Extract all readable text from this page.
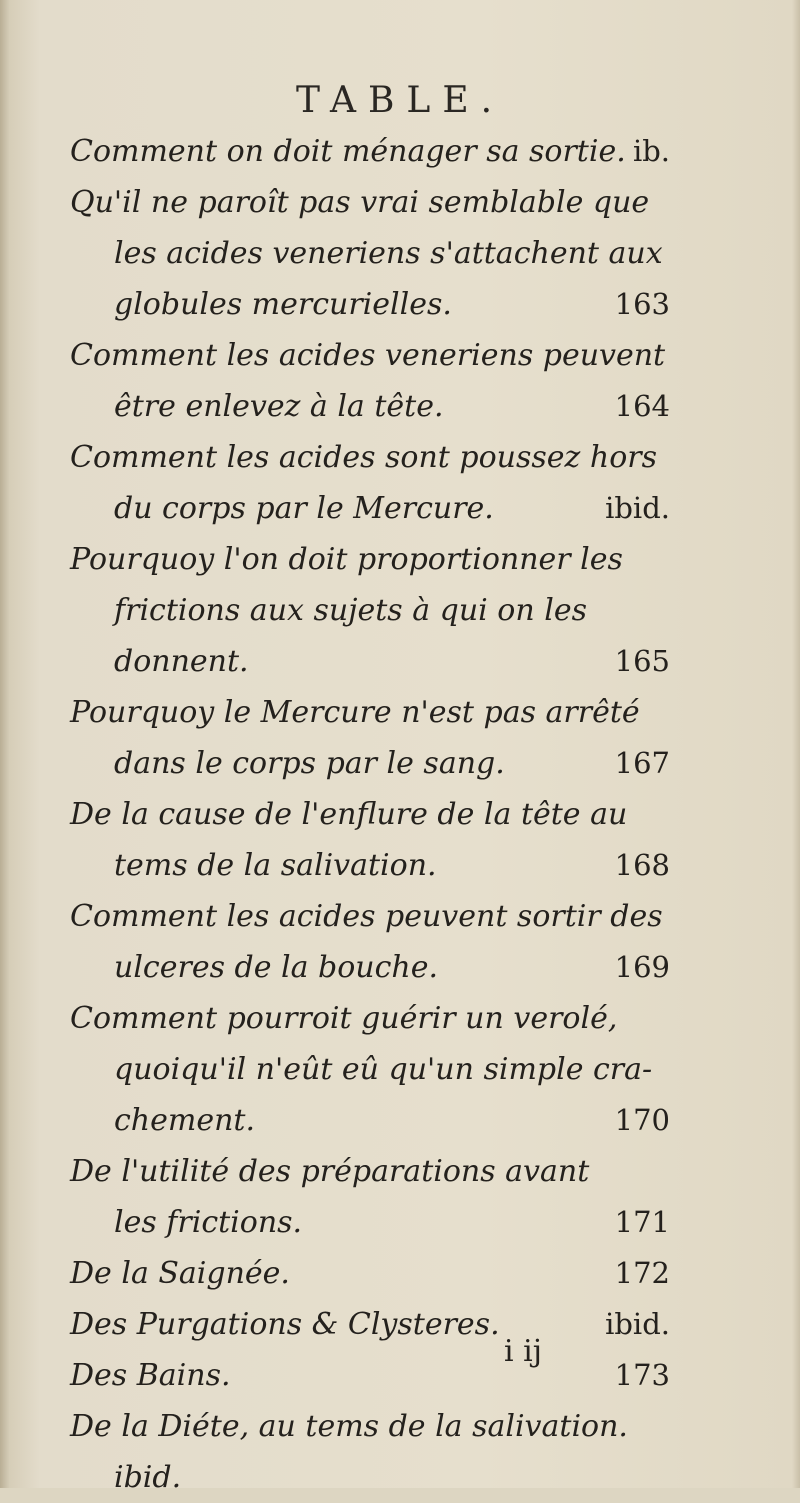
TABLE.
Comment on doit ménager sa sortie. ib.
Qu'il ne paroît pas vrai semblable que
les acides veneriens s'attachent aux
globules mercurielles.	163
Comment les acides veneriens peuvent
être enlevez à la tête.	164
Comment les acides sont poussez hors
du corps par le Mercure.	ibid.
Pourquoy l'on doit proportionner les
frictions aux sujets à qui on les
donnent.	165
Pourquoy le Mercure n'est pas arrêté
dans le corps par le sang.	167
De la cause de l'enflure de la tête au
tems de la salivation.	168
Comment les acides peuvent sortir des
ulceres de la bouche.	169
Comment pourroit guérir un verolé,
quoiqu'il n'eût eû qu'un simple cra-
chement.	170
De l'utilité des préparations avant
les frictions.	171
De la Saignée.	172
Des Purgations & Clysteres.	ibid.
Des Bains.	173
De la Diéte, au tems de la salivation.
ibid.
i ij
